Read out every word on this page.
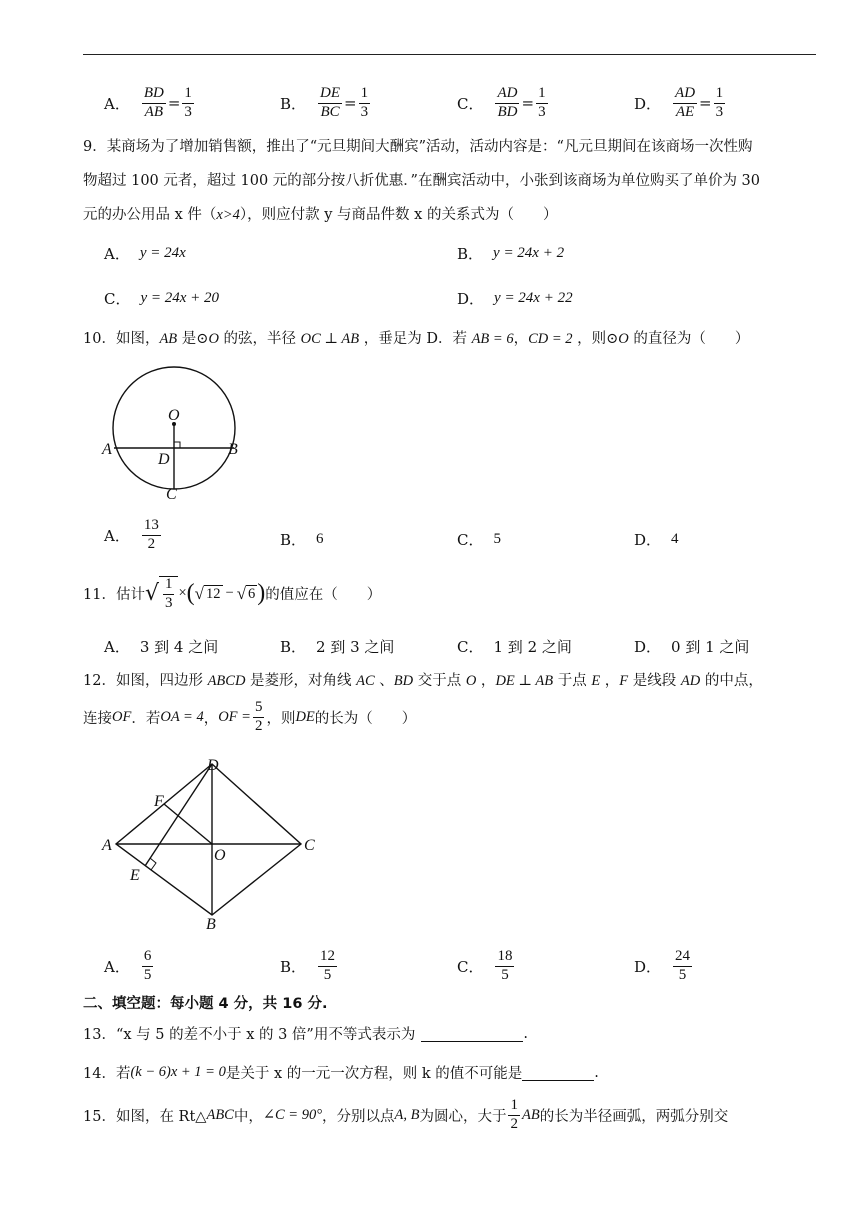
A． $\frac{BD}{AB} = \frac{1}{3}$	B． $\frac{DE}{BC} = \frac{1}{3}$	C． $\frac{AD}{BD} = \frac{1}{3}$	D． $\frac{AD}{AE} = \frac{1}{3}$
9．某商场为了增加销售额，推出了“元旦期间大酬宾”活动，活动内容是：“凡元旦期间在该商场一次性购
物超过 100 元者，超过 100 元的部分按八折优惠．”在酬宾活动中，小张到该商场为单位购买了单价为 30
元的办公用品 x 件（x>4），则应付款 y 与商品件数 x 的关系式为（　　）
A． y = 24x	B． y = 24x + 2
C． y = 24x + 20	D． y = 24x + 22
10．如图，AB 是⊙O 的弦，半径 OC ⊥ AB ，垂足为 D．若 AB = 6，CD = 2 ，则⊙O 的直径为（　　）
O
A	B
D
C
A．
13
2	B． 6	C． 5	D． 4
11．估计 √ $\frac{1}{3}$ × ( √ 12 − √ 6 ) 的值应在（　　）
A． 3 到 4 之间	B． 2 到 3 之间	C． 1 到 2 之间	D． 0 到 1 之间
12．如图，四边形 ABCD 是菱形，对角线 AC 、BD 交于点 O ，DE ⊥ AB 于点 E ，F 是线段 AD 的中点，
连接 OF ．若 OA = 4 ， OF = $\frac{5}{2}$ ，则 DE 的长为（　　）
D
F
A
O
C
E
B
A．
6
5	B．
12
5	C．
18
5	D．
24
5
二、填空题：每小题 4 分，共 16 分.
13．“x 与 5 的差不小于 x 的 3 倍”用不等式表示为	.
14．若 (k − 6)x + 1 = 0 是关于 x 的一元一次方程，则 k 的值不可能是	.
15．如图，在 Rt△ ABC 中， ∠C = 90° ，分别以点 A, B 为圆心，大于
1
2
AB 的长为半径画弧，两弧分别交
